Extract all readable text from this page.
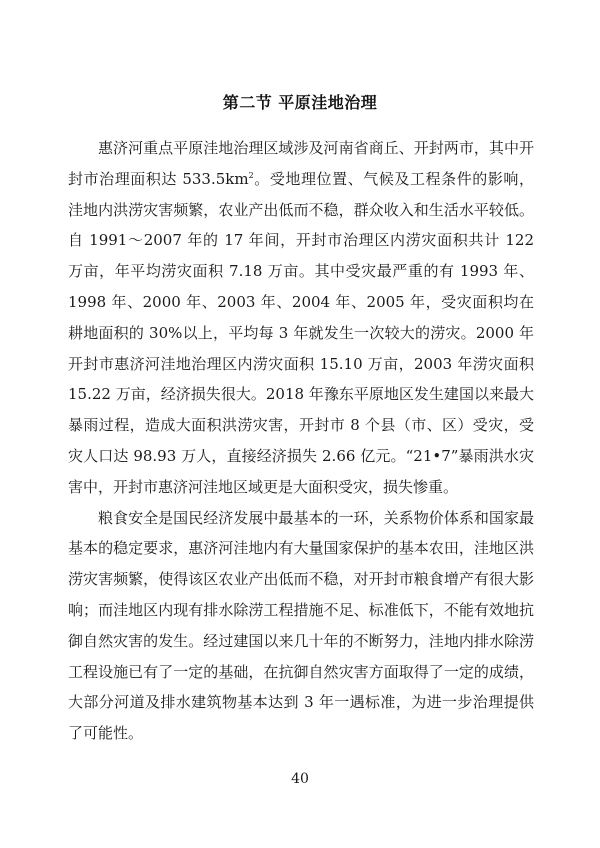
第二节 平原洼地治理

惠济河重点平原洼地治理区域涉及河南省商丘、开封两市，其中开封市治理面积达 $533.5km^2$。受地理位置、气候及工程条件的影响，洼地内洪涝灾害频繁，农业产出低而不稳，群众收入和生活水平较低。自 1991～2007 年的 17 年间，开封市治理区内涝灾面积共计 122 万亩，年平均涝灾面积 7.18 万亩。其中受灾最严重的有 1993 年、1998 年、2000 年、2003 年、2004 年、2005 年，受灾面积均在耕地面积的 30%以上，平均每 3 年就发生一次较大的涝灾。2000 年开封市惠济河洼地治理区内涝灾面积 15.10 万亩，2003 年涝灾面积 15.22 万亩，经济损失很大。2018 年豫东平原地区发生建国以来最大暴雨过程，造成大面积洪涝灾害，开封市 8 个县（市、区）受灾，受灾人口达 98.93 万人，直接经济损失 2.66 亿元。“21•7”暴雨洪水灾害中，开封市惠济河洼地区域更是大面积受灾，损失惨重。

粮食安全是国民经济发展中最基本的一环，关系物价体系和国家最基本的稳定要求，惠济河洼地内有大量国家保护的基本农田，洼地区洪涝灾害频繁，使得该区农业产出低而不稳，对开封市粮食增产有很大影响；而洼地区内现有排水除涝工程措施不足、标准低下，不能有效地抗御自然灾害的发生。经过建国以来几十年的不断努力，洼地内排水除涝工程设施已有了一定的基础，在抗御自然灾害方面取得了一定的成绩，大部分河道及排水建筑物基本达到 3 年一遇标准，为进一步治理提供了可能性。

40
